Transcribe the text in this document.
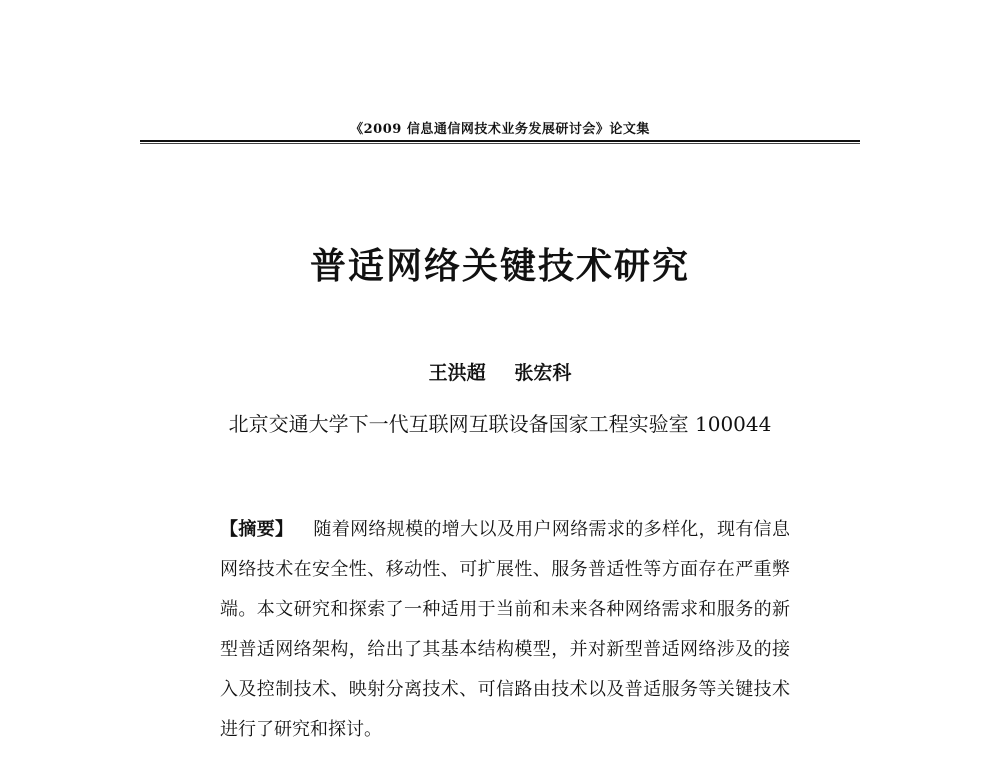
《2009 信息通信网技术业务发展研讨会》论文集
普适网络关键技术研究
王洪超 张宏科
北京交通大学下一代互联网互联设备国家工程实验室 100044
【摘要】 随着网络规模的增大以及用户网络需求的多样化，现有信息网络技术在安全性、移动性、可扩展性、服务普适性等方面存在严重弊端。本文研究和探索了一种适用于当前和未来各种网络需求和服务的新型普适网络架构，给出了其基本结构模型，并对新型普适网络涉及的接入及控制技术、映射分离技术、可信路由技术以及普适服务等关键技术进行了研究和探讨。
